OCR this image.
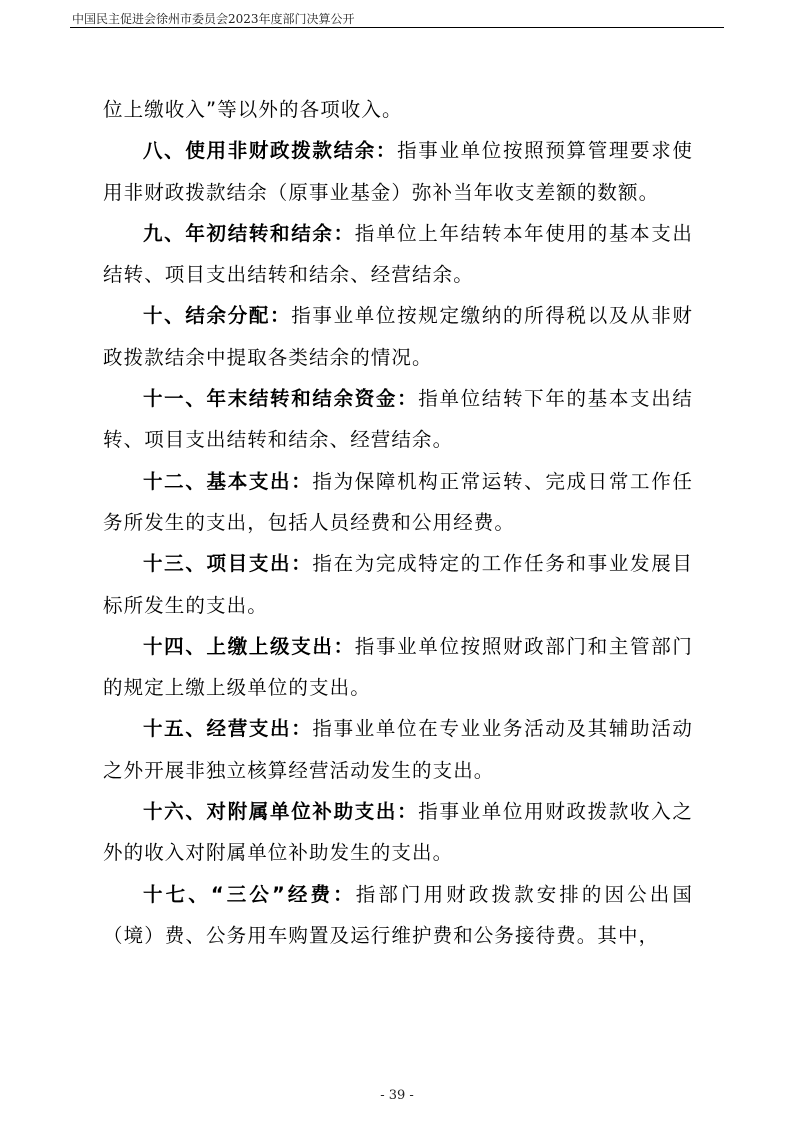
中国民主促进会徐州市委员会2023年度部门决算公开

位上缴收入”等以外的各项收入。

八、使用非财政拨款结余：指事业单位按照预算管理要求使用非财政拨款结余（原事业基金）弥补当年收支差额的数额。

九、年初结转和结余：指单位上年结转本年使用的基本支出结转、项目支出结转和结余、经营结余。

十、结余分配：指事业单位按规定缴纳的所得税以及从非财政拨款结余中提取各类结余的情况。

十一、年末结转和结余资金：指单位结转下年的基本支出结转、项目支出结转和结余、经营结余。

十二、基本支出：指为保障机构正常运转、完成日常工作任务所发生的支出，包括人员经费和公用经费。

十三、项目支出：指在为完成特定的工作任务和事业发展目标所发生的支出。

十四、上缴上级支出：指事业单位按照财政部门和主管部门的规定上缴上级单位的支出。

十五、经营支出：指事业单位在专业业务活动及其辅助活动之外开展非独立核算经营活动发生的支出。

十六、对附属单位补助支出：指事业单位用财政拨款收入之外的收入对附属单位补助发生的支出。

十七、“三公”经费：指部门用财政拨款安排的因公出国（境）费、公务用车购置及运行维护费和公务接待费。其中，

- 39 -
